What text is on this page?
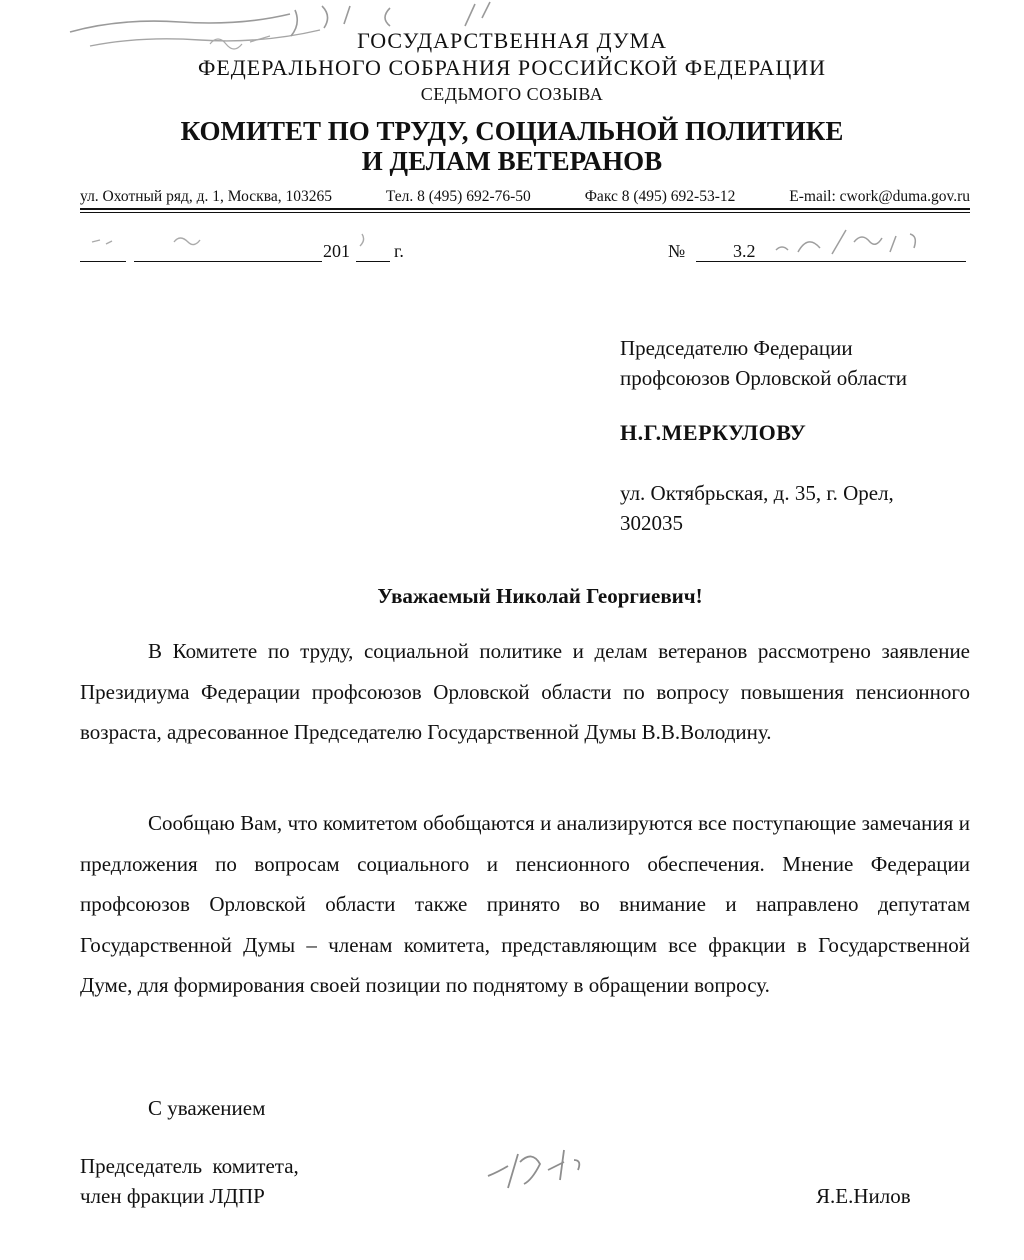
ГОСУДАРСТВЕННАЯ ДУМА
ФЕДЕРАЛЬНОГО СОБРАНИЯ РОССИЙСКОЙ ФЕДЕРАЦИИ
СЕДЬМОГО СОЗЫВА
КОМИТЕТ ПО ТРУДУ, СОЦИАЛЬНОЙ ПОЛИТИКЕ
И ДЕЛАМ ВЕТЕРАНОВ
ул. Охотный ряд, д. 1, Москва, 103265	Тел. 8 (495) 692-76-50	Факс 8 (495) 692-53-12	E-mail: cwork@duma.gov.ru
201 г.	№	3.2
Председателю Федерации
профсоюзов Орловской области
Н.Г.МЕРКУЛОВУ
ул. Октябрьская, д. 35, г. Орел,
302035
Уважаемый Николай Георгиевич!
В Комитете по труду, социальной политике и делам ветеранов рассмотрено заявление Президиума Федерации профсоюзов Орловской области по вопросу повышения пенсионного возраста, адресованное Председателю Государственной Думы В.В.Володину.
Сообщаю Вам, что комитетом обобщаются и анализируются все поступающие замечания и предложения по вопросам социального и пенсионного обеспечения. Мнение Федерации профсоюзов Орловской области также принято во внимание и направлено депутатам Государственной Думы – членам комитета, представляющим все фракции в Государственной Думе, для формирования своей позиции по поднятому в обращении вопросу.
С уважением
Председатель  комитета,
член фракции ЛДПР	Я.Е.Нилов
